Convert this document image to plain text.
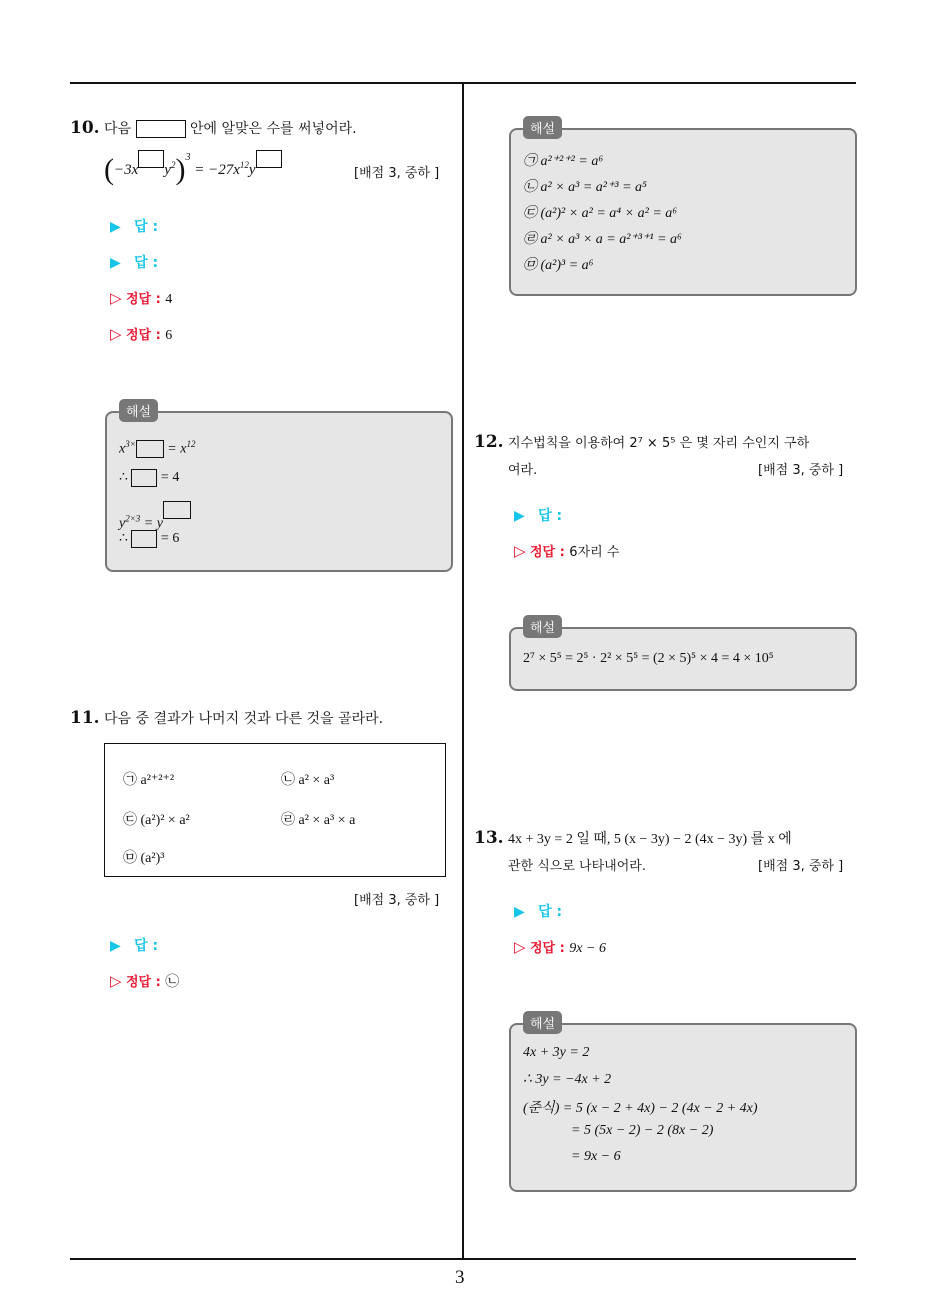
10. 다음	안에 알맞은 수를 써넣어라.
(−3x $y^2)^3 = -27x^{12}y$	[배점 3, 중하 ]
▶ 답 :
▶ 답 :
▷ 정답 : 4
▷ 정답 : 6
해설
$x^{3\times} = x^{12}$
∴  = 4
$y^{2\times 3} = y$
∴  = 6
11. 다음 중 결과가 나머지 것과 다른 것을 골라라.
㉠ a²⁺²⁺²	㉡ a² × a³
㉢ (a²)² × a²	㉣ a² × a³ × a
㉤ (a²)³
[배점 3, 중하 ]
▶ 답 :
▷ 정답 : ㉡
해설
㉠ a²⁺²⁺² = a⁶
㉡ a² × a³ = a²⁺³ = a⁵
㉢ (a²)² × a² = a⁴ × a² = a⁶
㉣ a² × a³ × a = a²⁺³⁺¹ = a⁶
㉤ (a²)³ = a⁶
12. 지수법칙을 이용하여 2⁷ × 5⁵ 은 몇 자리 수인지 구하
여라.	[배점 3, 중하 ]
▶ 답 :
▷ 정답 : 6자리 수
해설
2⁷ × 5⁵ = 2⁵ · 2² × 5⁵ = (2 × 5)⁵ × 4 = 4 × 10⁵
13. 4x + 3y = 2 일 때, 5 (x − 3y) − 2 (4x − 3y) 를 x 에
관한 식으로 나타내어라.	[배점 3, 중하 ]
▶ 답 :
▷ 정답 : 9x − 6
해설
4x + 3y = 2
∴ 3y = −4x + 2
(준식) = 5 (x − 2 + 4x) − 2 (4x − 2 + 4x)
= 5 (5x − 2) − 2 (8x − 2)
= 9x − 6
3
